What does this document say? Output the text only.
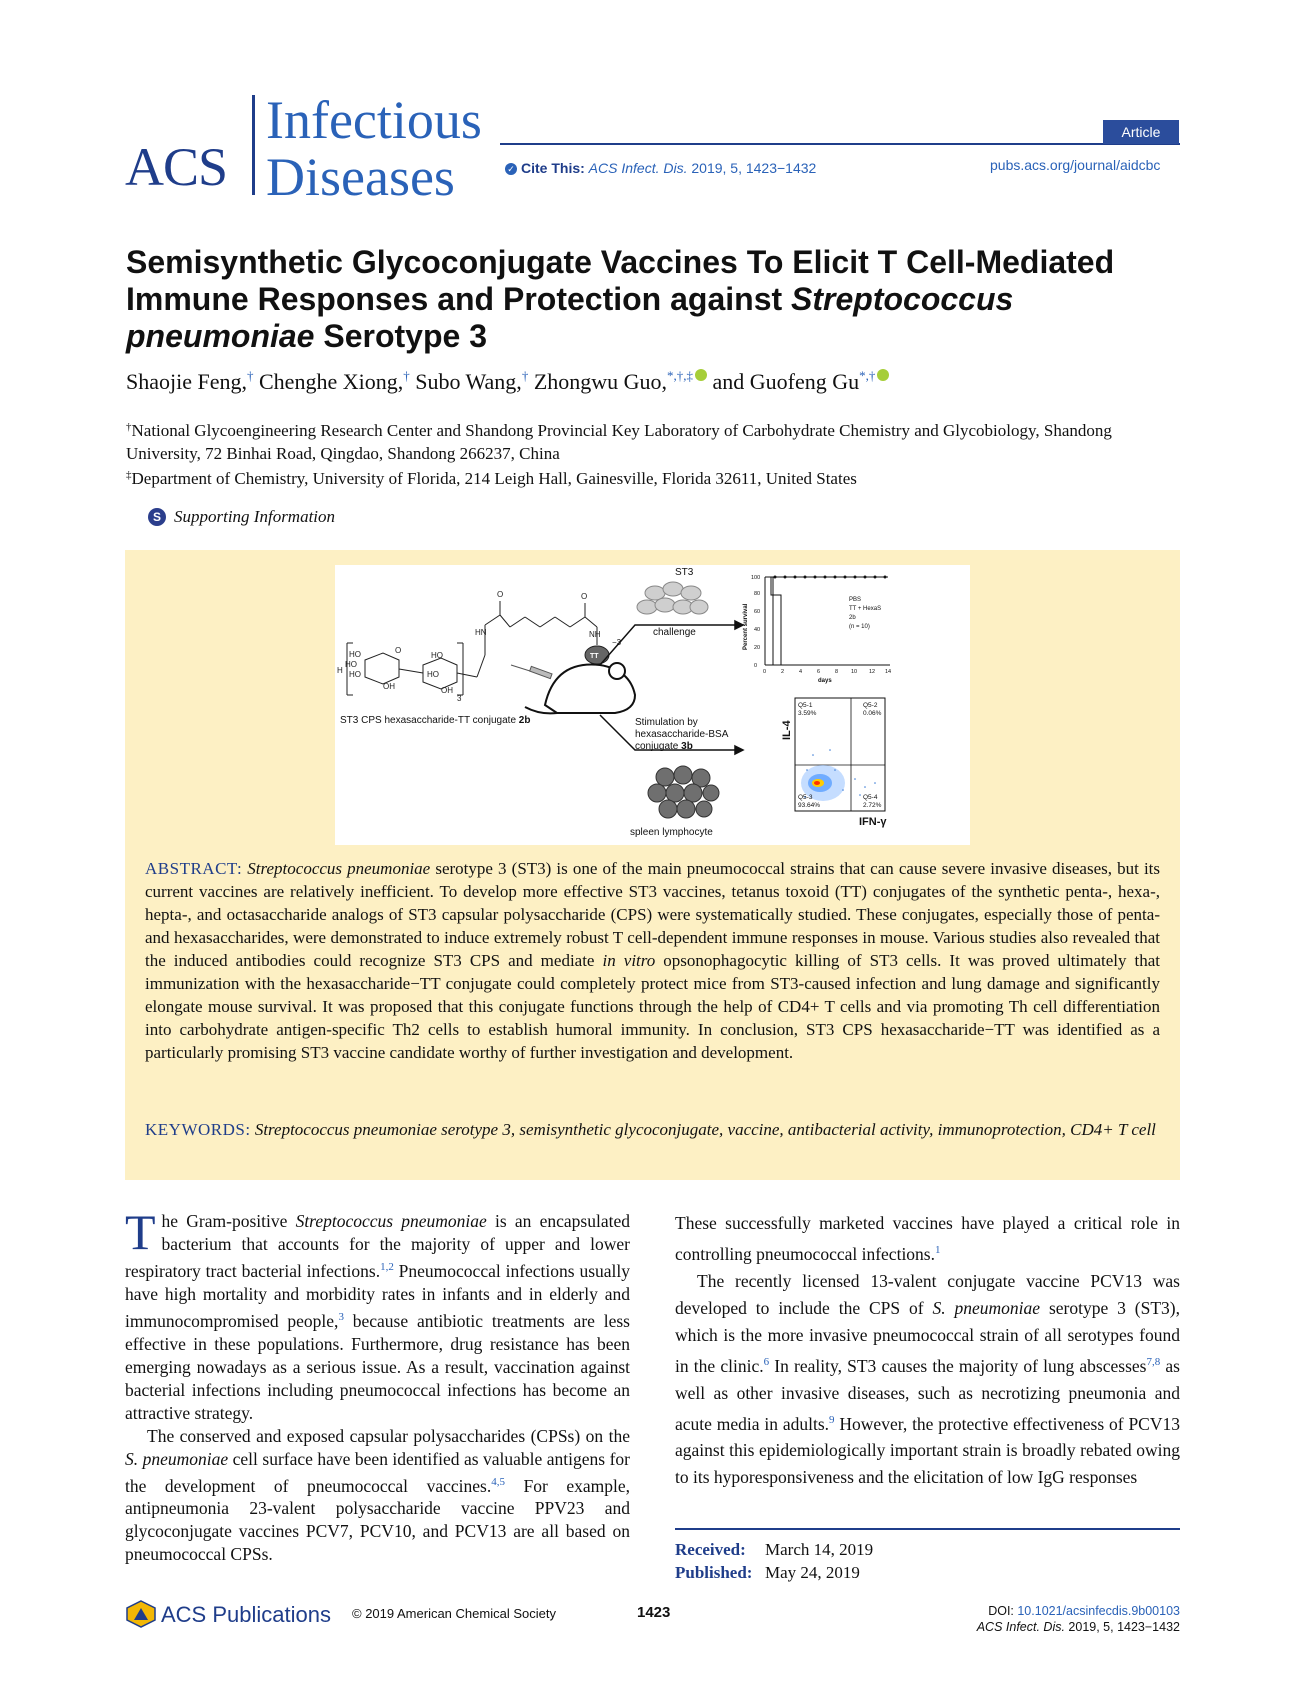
ACS
Infectious
Diseases
Article
✓ Cite This: ACS Infect. Dis. 2019, 5, 1423−1432	pubs.acs.org/journal/aidcbc
Semisynthetic Glycoconjugate Vaccines To Elicit T Cell-Mediated Immune Responses and Protection against Streptococcus pneumoniae Serotype 3
Shaojie Feng,† Chenghe Xiong,† Subo Wang,† Zhongwu Guo,*,†,‡ and Guofeng Gu*,†
†National Glycoengineering Research Center and Shandong Provincial Key Laboratory of Carbohydrate Chemistry and Glycobiology, Shandong University, 72 Binhai Road, Qingdao, Shandong 266237, China
‡Department of Chemistry, University of Florida, 214 Leigh Hall, Gainesville, Florida 32611, United States
S Supporting Information
H
HO
HO
HO
OH
O
HO
HO
OH
3
HN
O	O
NH
TT
−3
ST3 CPS hexasaccharide-TT conjugate 2b
ST3
challenge
Stimulation by
hexasaccharide-BSA
conjugate 3b
spleen lymphocyte
0
20
40
60
80
100
0	2	4	6	8 10 12 14
days
Percent survival
PBS
TT + HexaS
2b
(n = 10)
Q5-1
3.59%
Q5-2
0.06%
Q5-3
93.64%
Q5-4
2.72%
IL-4
IFN-γ
ABSTRACT: Streptococcus pneumoniae serotype 3 (ST3) is one of the main pneumococcal strains that can cause severe invasive diseases, but its current vaccines are relatively inefficient. To develop more effective ST3 vaccines, tetanus toxoid (TT) conjugates of the synthetic penta-, hexa-, hepta-, and octasaccharide analogs of ST3 capsular polysaccharide (CPS) were systematically studied. These conjugates, especially those of penta- and hexasaccharides, were demonstrated to induce extremely robust T cell-dependent immune responses in mouse. Various studies also revealed that the induced antibodies could recognize ST3 CPS and mediate in vitro opsonophagocytic killing of ST3 cells. It was proved ultimately that immunization with the hexasaccharide−TT conjugate could completely protect mice from ST3-caused infection and lung damage and significantly elongate mouse survival. It was proposed that this conjugate functions through the help of CD4+ T cells and via promoting Th cell differentiation into carbohydrate antigen-specific Th2 cells to establish humoral immunity. In conclusion, ST3 CPS hexasaccharide−TT was identified as a particularly promising ST3 vaccine candidate worthy of further investigation and development.
KEYWORDS: Streptococcus pneumoniae serotype 3, semisynthetic glycoconjugate, vaccine, antibacterial activity, immunoprotection, CD4+ T cell

The Gram-positive Streptococcus pneumoniae is an encapsulated bacterium that accounts for the majority of upper and lower respiratory tract bacterial infections.$^{1,2}$ Pneumococcal infections usually have high mortality and morbidity rates in infants and in elderly and immunocompromised people,$^3$ because antibiotic treatments are less effective in these populations. Furthermore, drug resistance has been emerging nowadays as a serious issue. As a result, vaccination against bacterial infections including pneumococcal infections has become an attractive strategy.

The conserved and exposed capsular polysaccharides (CPSs) on the S. pneumoniae cell surface have been identified as valuable antigens for the development of pneumococcal vaccines.$^{4,5}$ For example, antipneumonia 23-valent polysaccharide vaccine PPV23 and glycoconjugate vaccines PCV7, PCV10, and PCV13 are all based on pneumococcal CPSs.

These successfully marketed vaccines have played a critical role in controlling pneumococcal infections.$^1$

The recently licensed 13-valent conjugate vaccine PCV13 was developed to include the CPS of S. pneumoniae serotype 3 (ST3), which is the more invasive pneumococcal strain of all serotypes found in the clinic.$^6$ In reality, ST3 causes the majority of lung abscesses$^{7,8}$ as well as other invasive diseases, such as necrotizing pneumonia and acute media in adults.$^9$ However, the protective effectiveness of PCV13 against this epidemiologically important strain is broadly rebated owing to its hyporesponsiveness and the elicitation of low IgG responses

Received: March 14, 2019
Published: May 24, 2019
ACS Publications © 2019 American Chemical Society	1423	DOI: 10.1021/acsinfecdis.9b00103
ACS Infect. Dis. 2019, 5, 1423−1432
